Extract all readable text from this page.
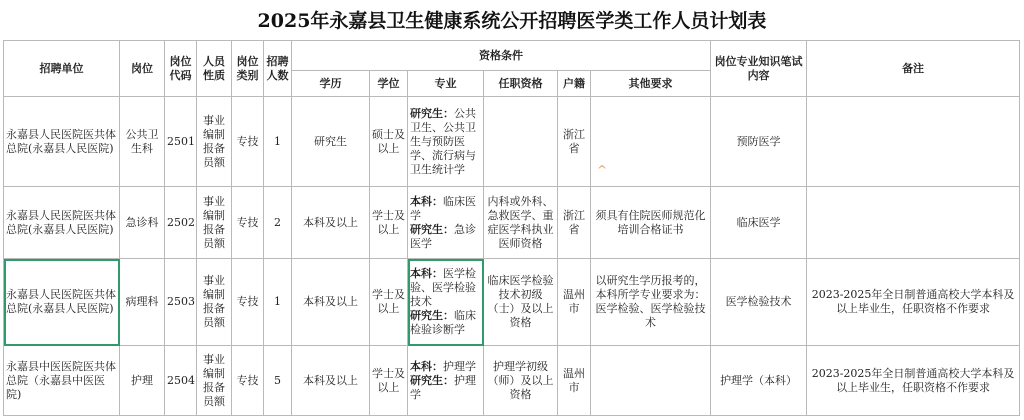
2025年永嘉县卫生健康系统公开招聘医学类工作人员计划表
招聘单位	岗位	岗位代码	人员性质	岗位类别	招聘人数	资格条件						岗位专业知识笔试内容	备注
						学历	学位	专业	任职资格	户籍	其他要求		
永嘉县人民医院医共体总院(永嘉县人民医院)	公共卫生科	2501	事业编制报备员额	专技	1	研究生	硕士及以上	研究生：公共卫生、公共卫生与预防医学、流行病与卫生统计学		浙江省	^	预防医学	
永嘉县人民医院医共体总院(永嘉县人民医院)	急诊科	2502	事业编制报备员额	专技	2	本科及以上	学士及以上	本科：临床医学
研究生：急诊医学	内科或外科、急救医学、重症医学科执业医师资格	浙江省	须具有住院医师规范化培训合格证书	临床医学	
永嘉县人民医院医共体总院(永嘉县人民医院)	病理科	2503	事业编制报备员额	专技	1	本科及以上	学士及以上	本科：医学检验、医学检验技术
研究生：临床检验诊断学	临床医学检验技术初级（士）及以上资格	温州市	以研究生学历报考的，本科所学专业要求为：医学检验、医学检验技术	医学检验技术	2023-2025年全日制普通高校大学本科及以上毕业生，任职资格不作要求
永嘉县中医医院医共体总院（永嘉县中医医院)	护理	2504	事业编制报备员额	专技	5	本科及以上	学士及以上	本科：护理学
研究生：护理学	护理学初级（师）及以上资格	温州市		护理学（本科）	2023-2025年全日制普通高校大学本科及以上毕业生，任职资格不作要求
